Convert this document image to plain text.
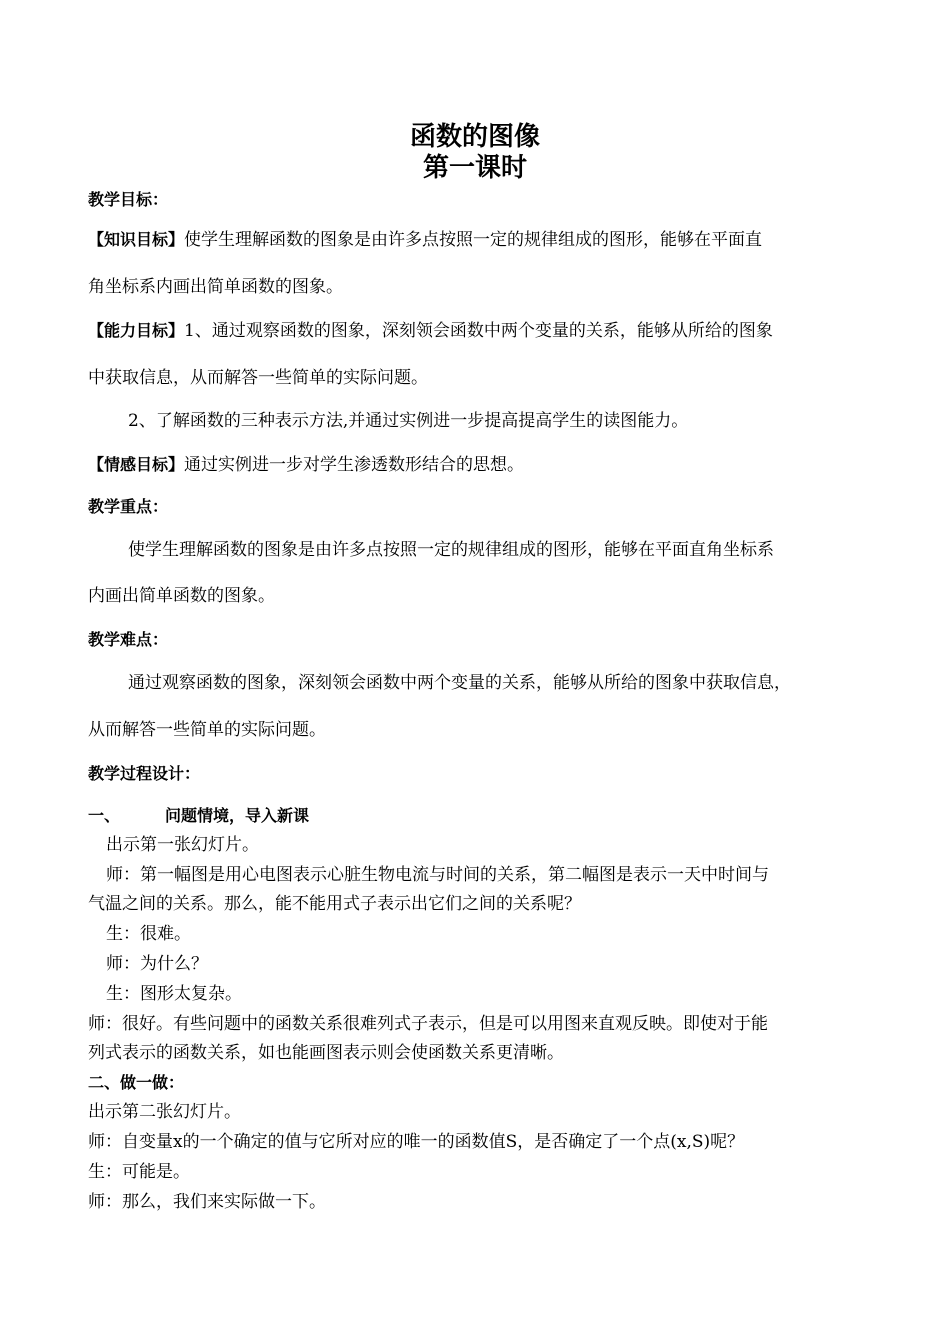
函数的图像
第一课时
教学目标：
【知识目标】使学生理解函数的图象是由许多点按照一定的规律组成的图形，能够在平面直
角坐标系内画出简单函数的图象。
【能力目标】1、通过观察函数的图象，深刻领会函数中两个变量的关系，能够从所给的图象
中获取信息，从而解答一些简单的实际问题。
2、了解函数的三种表示方法,并通过实例进一步提高提高学生的读图能力。
【情感目标】通过实例进一步对学生渗透数形结合的思想。
教学重点：
使学生理解函数的图象是由许多点按照一定的规律组成的图形，能够在平面直角坐标系
内画出简单函数的图象。
教学难点：
通过观察函数的图象，深刻领会函数中两个变量的关系，能够从所给的图象中获取信息，
从而解答一些简单的实际问题。
教学过程设计：
一、	问题情境，导入新课
出示第一张幻灯片。
师：第一幅图是用心电图表示心脏生物电流与时间的关系，第二幅图是表示一天中时间与
气温之间的关系。那么，能不能用式子表示出它们之间的关系呢？
生：很难。
师：为什么？
生：图形太复杂。
师：很好。有些问题中的函数关系很难列式子表示，但是可以用图来直观反映。即使对于能
列式表示的函数关系，如也能画图表示则会使函数关系更清晰。
二、做一做：
出示第二张幻灯片。
师：自变量x的一个确定的值与它所对应的唯一的函数值S，是否确定了一个点(x,S)呢？
生：可能是。
师：那么，我们来实际做一下。
